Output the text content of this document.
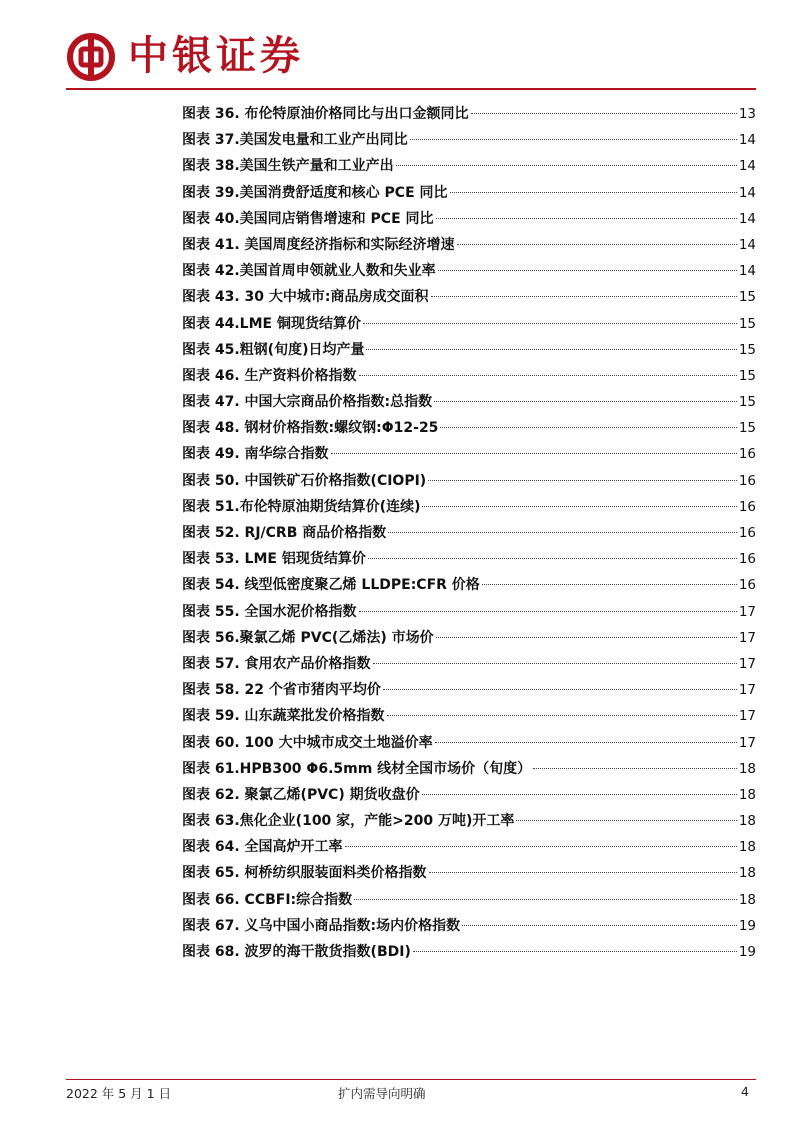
中银证券
图表 36. 布伦特原油价格同比与出口金额同比	13
图表 37.美国发电量和工业产出同比	14
图表 38.美国生铁产量和工业产出	14
图表 39.美国消费舒适度和核心 PCE 同比	14
图表 40.美国同店销售增速和 PCE 同比	14
图表 41. 美国周度经济指标和实际经济增速	14
图表 42.美国首周申领就业人数和失业率	14
图表 43. 30 大中城市:商品房成交面积	15
图表 44.LME 铜现货结算价	15
图表 45.粗钢(旬度)日均产量	15
图表 46. 生产资料价格指数	15
图表 47. 中国大宗商品价格指数:总指数	15
图表 48. 钢材价格指数:螺纹钢:Φ12-25	15
图表 49. 南华综合指数	16
图表 50. 中国铁矿石价格指数(CIOPI)	16
图表 51.布伦特原油期货结算价(连续)	16
图表 52. RJ/CRB 商品价格指数	16
图表 53. LME 铝现货结算价	16
图表 54. 线型低密度聚乙烯 LLDPE:CFR 价格	16
图表 55. 全国水泥价格指数	17
图表 56.聚氯乙烯 PVC(乙烯法) 市场价	17
图表 57. 食用农产品价格指数	17
图表 58. 22 个省市猪肉平均价	17
图表 59. 山东蔬菜批发价格指数	17
图表 60. 100 大中城市成交土地溢价率	17
图表 61.HPB300 Φ6.5mm 线材全国市场价（旬度）	18
图表 62. 聚氯乙烯(PVC) 期货收盘价	18
图表 63.焦化企业(100 家，产能>200 万吨)开工率	18
图表 64. 全国高炉开工率	18
图表 65. 柯桥纺织服装面料类价格指数	18
图表 66. CCBFI:综合指数	18
图表 67. 义乌中国小商品指数:场内价格指数	19
图表 68. 波罗的海干散货指数(BDI)	19
2022 年 5 月 1 日	扩内需导向明确	4
